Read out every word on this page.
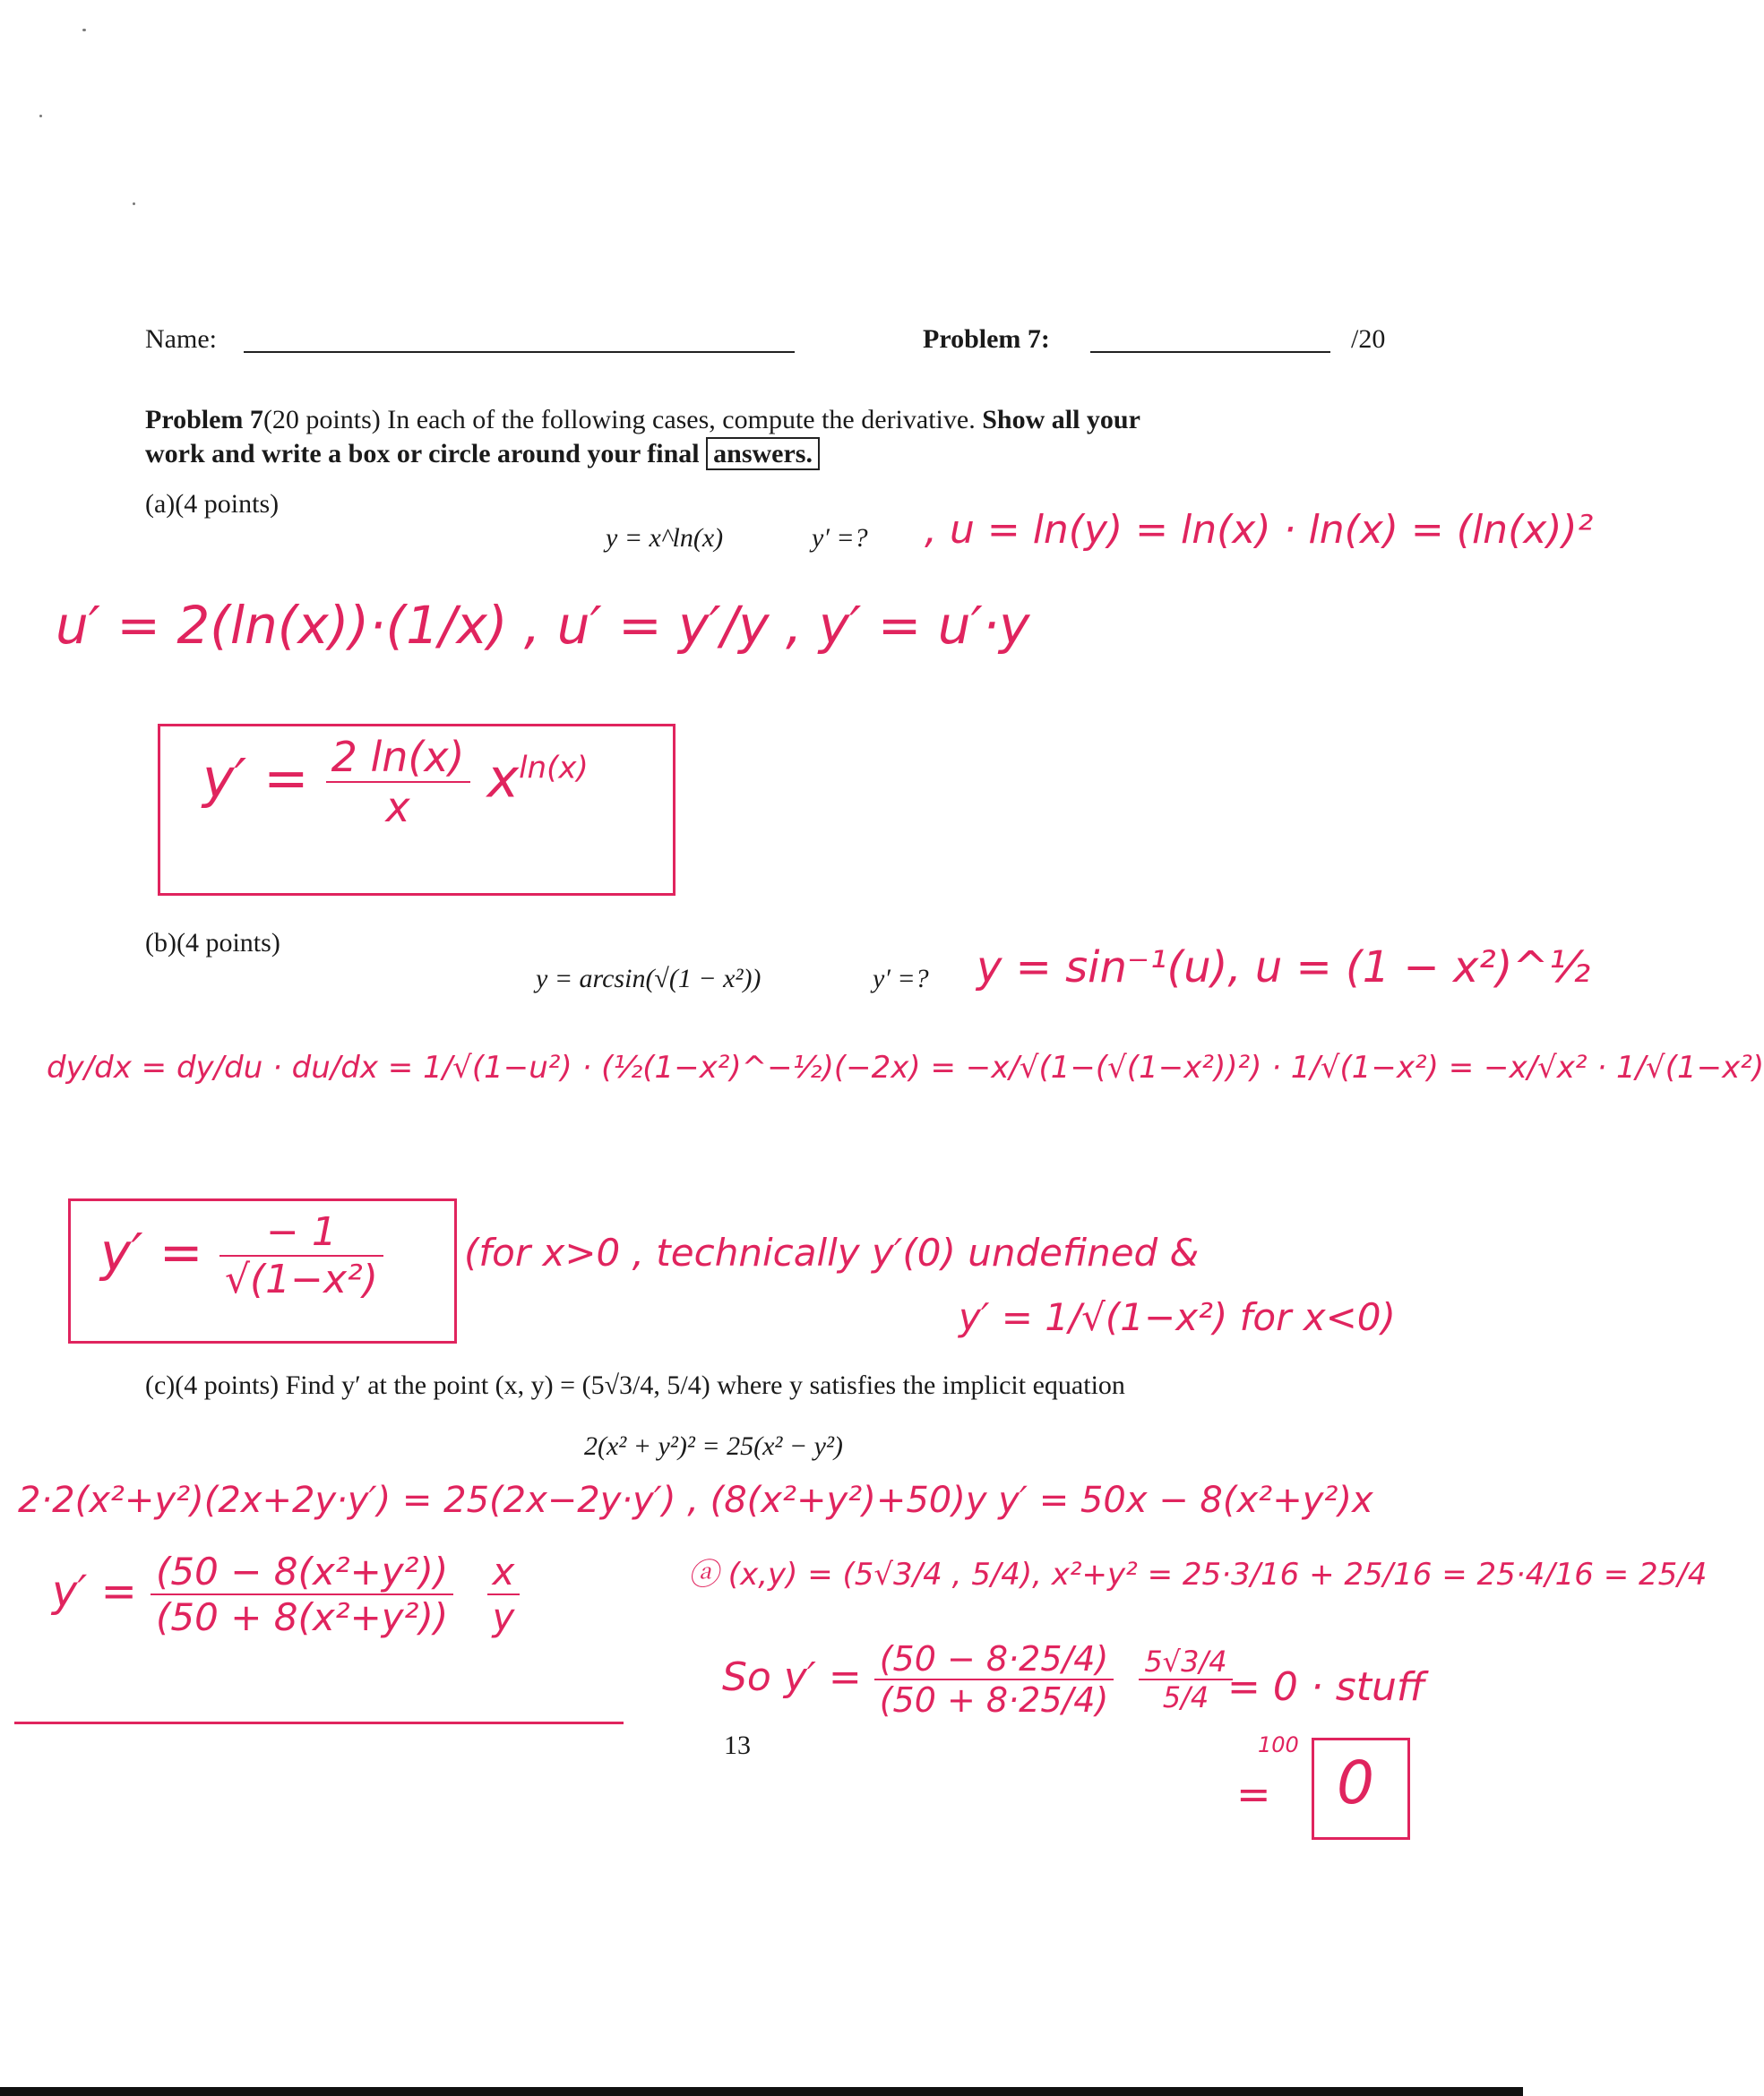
Name:	Problem 7:	/20
Problem 7(20 points) In each of the following cases, compute the derivative. Show all your
work and write a box or circle around your final answers.
(a)(4 points)
y = x^ln(x)	y′ =? , u = ln(y) = ln(x) · ln(x) = (ln(x))²
u′ = 2(ln(x))·(1/x) , u′ = y′/y , y′ = u′·y
$y' = \frac{2 \ln(x)}{x} x^{ln(x)}$
(b)(4 points)
y = arcsin(√(1 − x²))	y′ =? y = sin⁻¹(u), u = (1 − x²)^½
dy/dx = dy/du · du/dx = 1/√(1−u²) · (½(1−x²)^−½)(−2x) = −x/√(1−(√(1−x²))²) · 1/√(1−x²) = −x/√x² · 1/√(1−x²)
$y' = \frac{- 1}{\text{√(1−x²)}} (for$ x>0 , technically y′(0) undefined &
y′ = 1/√(1−x²) for x<0)
(c)(4 points) Find y′ at the point (x, y) = (5√3/4, 5/4) where y satisfies the implicit equation
2(x² + y²)² = 25(x² − y²)
2·2(x²+y²)(2x+2y·y′) = 25(2x−2y·y′) , (8(x²+y²)+50)y y′ = 50x − 8(x²+y²)x
$y' = \frac{\text{(50 − 8(x²+y²))}}{\text{(50 + 8(x²+y²))}}$
$\frac{x}{y}$	ⓐ (x,y) = (5√3/4 , 5/4), x²+y² = 25·3/16 + 25/16 = 25·4/16 = 25/4
So $y' = \frac{(50 - 8\cdot 25/4)}{(50 + 8\cdot 25/4)}$
$\frac{5√3/4}{5/4}$
= 0 · stuff
100
= 0
13
